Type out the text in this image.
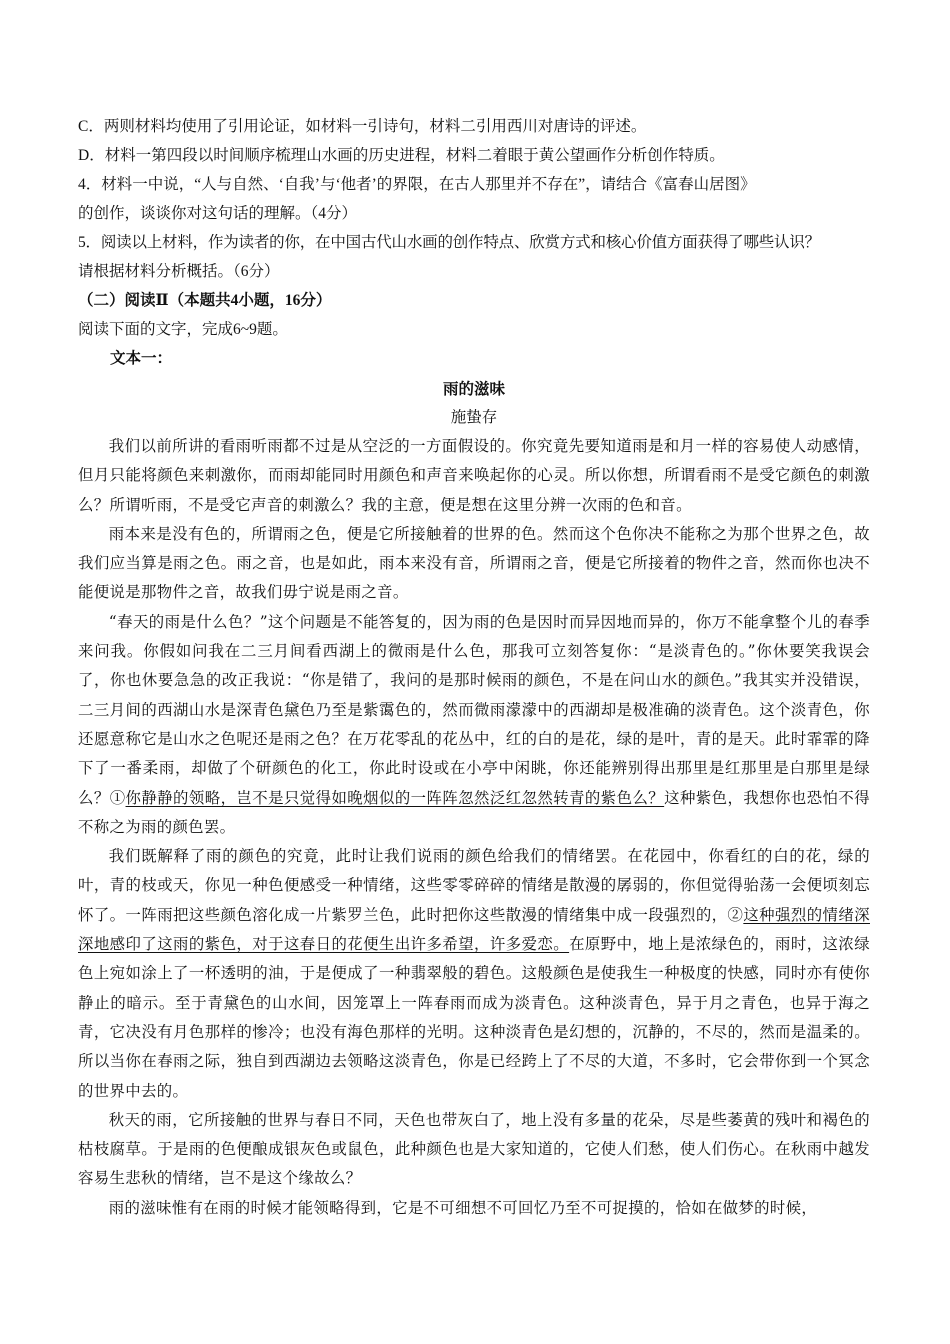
C．两则材料均使用了引用论证，如材料一引诗句，材料二引用西川对唐诗的评述。
D．材料一第四段以时间顺序梳理山水画的历史进程，材料二着眼于黄公望画作分析创作特质。
4．材料一中说，“人与自然、‘自我’与‘他者’的界限，在古人那里并不存在”，请结合《富春山居图》
的创作，谈谈你对这句话的理解。（4分）
5．阅读以上材料，作为读者的你，在中国古代山水画的创作特点、欣赏方式和核心价值方面获得了哪些认识？
请根据材料分析概括。（6分）
（二）阅读Ⅱ（本题共4小题，16分）
阅读下面的文字，完成6~9题。
文本一：
雨的滋味
施蛰存

我们以前所讲的看雨听雨都不过是从空泛的一方面假设的。你究竟先要知道雨是和月一样的容易使人动感情，但月只能将颜色来刺激你，而雨却能同时用颜色和声音来唤起你的心灵。所以你想，所谓看雨不是受它颜色的刺激么？所谓听雨，不是受它声音的刺激么？我的主意，便是想在这里分辨一次雨的色和音。

雨本来是没有色的，所谓雨之色，便是它所接触着的世界的色。然而这个色你决不能称之为那个世界之色，故我们应当算是雨之色。雨之音，也是如此，雨本来没有音，所谓雨之音，便是它所接着的物件之音，然而你也决不能便说是那物件之音，故我们毋宁说是雨之音。

“春天的雨是什么色？”这个问题是不能答复的，因为雨的色是因时而异因地而异的，你万不能拿整个儿的春季来问我。你假如问我在二三月间看西湖上的微雨是什么色，那我可立刻答复你：“是淡青色的。”你休要笑我误会了，你也休要急急的改正我说：“你是错了，我问的是那时候雨的颜色，不是在问山水的颜色。”我其实并没错误，二三月间的西湖山水是深青色黛色乃至是紫霭色的，然而微雨濛濛中的西湖却是极准确的淡青色。这个淡青色，你还愿意称它是山水之色呢还是雨之色？在万花零乱的花丛中，红的白的是花，绿的是叶，青的是天。此时霏霏的降下了一番柔雨，却做了个研颜色的化工，你此时设或在小亭中闲眺，你还能辨别得出那里是红那里是白那里是绿么？①你静静的领略，岂不是只觉得如晚烟似的一阵阵忽然泛红忽然转青的紫色么？这种紫色，我想你也恐怕不得不称之为雨的颜色罢。

我们既解释了雨的颜色的究竟，此时让我们说雨的颜色给我们的情绪罢。在花园中，你看红的白的花，绿的叶，青的枝或天，你见一种色便感受一种情绪，这些零零碎碎的情绪是散漫的孱弱的，你但觉得骀荡一会便顷刻忘怀了。一阵雨把这些颜色溶化成一片紫罗兰色，此时把你这些散漫的情绪集中成一段强烈的，②这种强烈的情绪深深地感印了这雨的紫色，对于这春日的花便生出许多希望，许多爱恋。在原野中，地上是浓绿色的，雨时，这浓绿色上宛如涂上了一杯透明的油，于是便成了一种翡翠般的碧色。这般颜色是使我生一种极度的快感，同时亦有使你静止的暗示。至于青黛色的山水间，因笼罩上一阵春雨而成为淡青色。这种淡青色，异于月之青色，也异于海之青，它决没有月色那样的惨冷；也没有海色那样的光明。这种淡青色是幻想的，沉静的，不尽的，然而是温柔的。所以当你在春雨之际，独自到西湖边去领略这淡青色，你是已经跨上了不尽的大道，不多时，它会带你到一个冥念的世界中去的。

秋天的雨，它所接触的世界与春日不同，天色也带灰白了，地上没有多量的花朵，尽是些萎黄的残叶和褐色的枯枝腐草。于是雨的色便酿成银灰色或鼠色，此种颜色也是大家知道的，它使人们愁，使人们伤心。在秋雨中越发容易生悲秋的情绪，岂不是这个缘故么？

雨的滋味惟有在雨的时候才能领略得到，它是不可细想不可回忆乃至不可捉摸的，恰如在做梦的时候，
